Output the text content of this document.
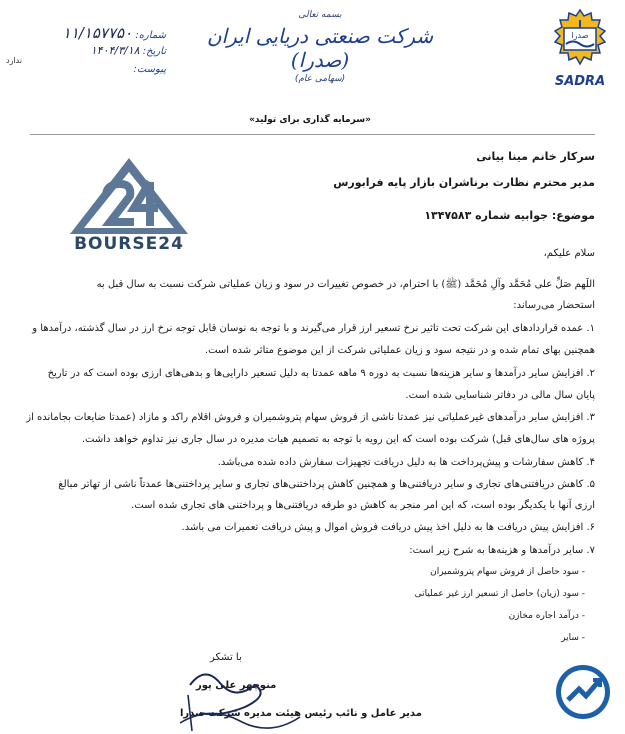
صدرا
SADRA
بسمه تعالی
شرکت صنعتی دریایی ایران (صدرا)
(سهامی عام)
شماره: ۱۱/۱۵۷۷۵۰
تاریخ: ۱۴۰۴/۳/۱۸
پیوست:
ندارد
«سرمایه گذاری برای تولید»
BOURSE24
سرکار خانم مینا بیانی
مدیر محترم نظارت برناشران بازار پایه فرابورس
موضوع: جوابیه شماره ۱۳۴۷۵۸۳
سلام علیکم،
اللَهم صَلِّ علی مُحَمَّد وآلِ مُحَمَّد (ﷺ) با احترام، در خصوص تغییرات در سود و زیان عملیاتی شرکت نسبت به سال قبل به
استحضار می‌رساند:
۱. عمده قراردادهای این شرکت تحت تاثیر نرخ تسعیر ارز قرار می‌گیرند و با توجه به نوسان قابل توجه نرخ ارز در سال گذشته، درآمدها و
همچنین بهای تمام شده و در نتیجه سود و زیان عملیاتی شرکت از این موضوع متاثر شده است.
۲. افزایش سایر درآمدها و سایر هزینه‌ها نسبت به دوره ۹ ماهه عمدتا به دلیل تسعیر دارایی‌ها و بدهی‌های ارزی بوده است که در تاریخ
پایان سال مالی در دفاتر شناسایی شده است.
۳. افزایش سایر درآمدهای غیرعملیاتی نیز عمدتا ناشی از فروش سهام پتروشمیران و فروش اقلام راکد و مازاد (عمدتا ضایعات بجامانده از
پروژه های سال‌های قبل) شرکت بوده است که این رویه با توجه به تصمیم هیات مدیره در سال جاری نیز تداوم خواهد داشت.
۴. کاهش سفارشات و پیش‌پرداخت ها به دلیل دریافت تجهیزات سفارش داده شده می‌باشد.
۵. کاهش دریافتنی‌های تجاری و سایر دریافتنی‌ها و همچنین کاهش پرداختنی‌های تجاری و سایر پرداختنی‌ها عمدتاً ناشی از تهاتر مبالغ
ارزی آنها با یکدیگر بوده است، که این امر منجر به کاهش دو طرفه دریافتنی‌ها و پرداختنی های تجاری شده است.
۶. افزایش پیش دریافت ها به دلیل اخذ پیش دریافت فروش اموال و پیش دریافت تعمیرات می باشد.
۷. سایر درآمدها و هزینه‌ها به شرح زیر است:
- سود حاصل از فروش سهام پتروشمیران
- سود (زیان) حاصل از تسعیر ارز غیر عملیاتی
- درآمد اجاره مخازن
- سایر
با تشکر
منوچهر علی پور
مدیر عامل و نائب رئیس هیئت مدیره شرکت صدرا
